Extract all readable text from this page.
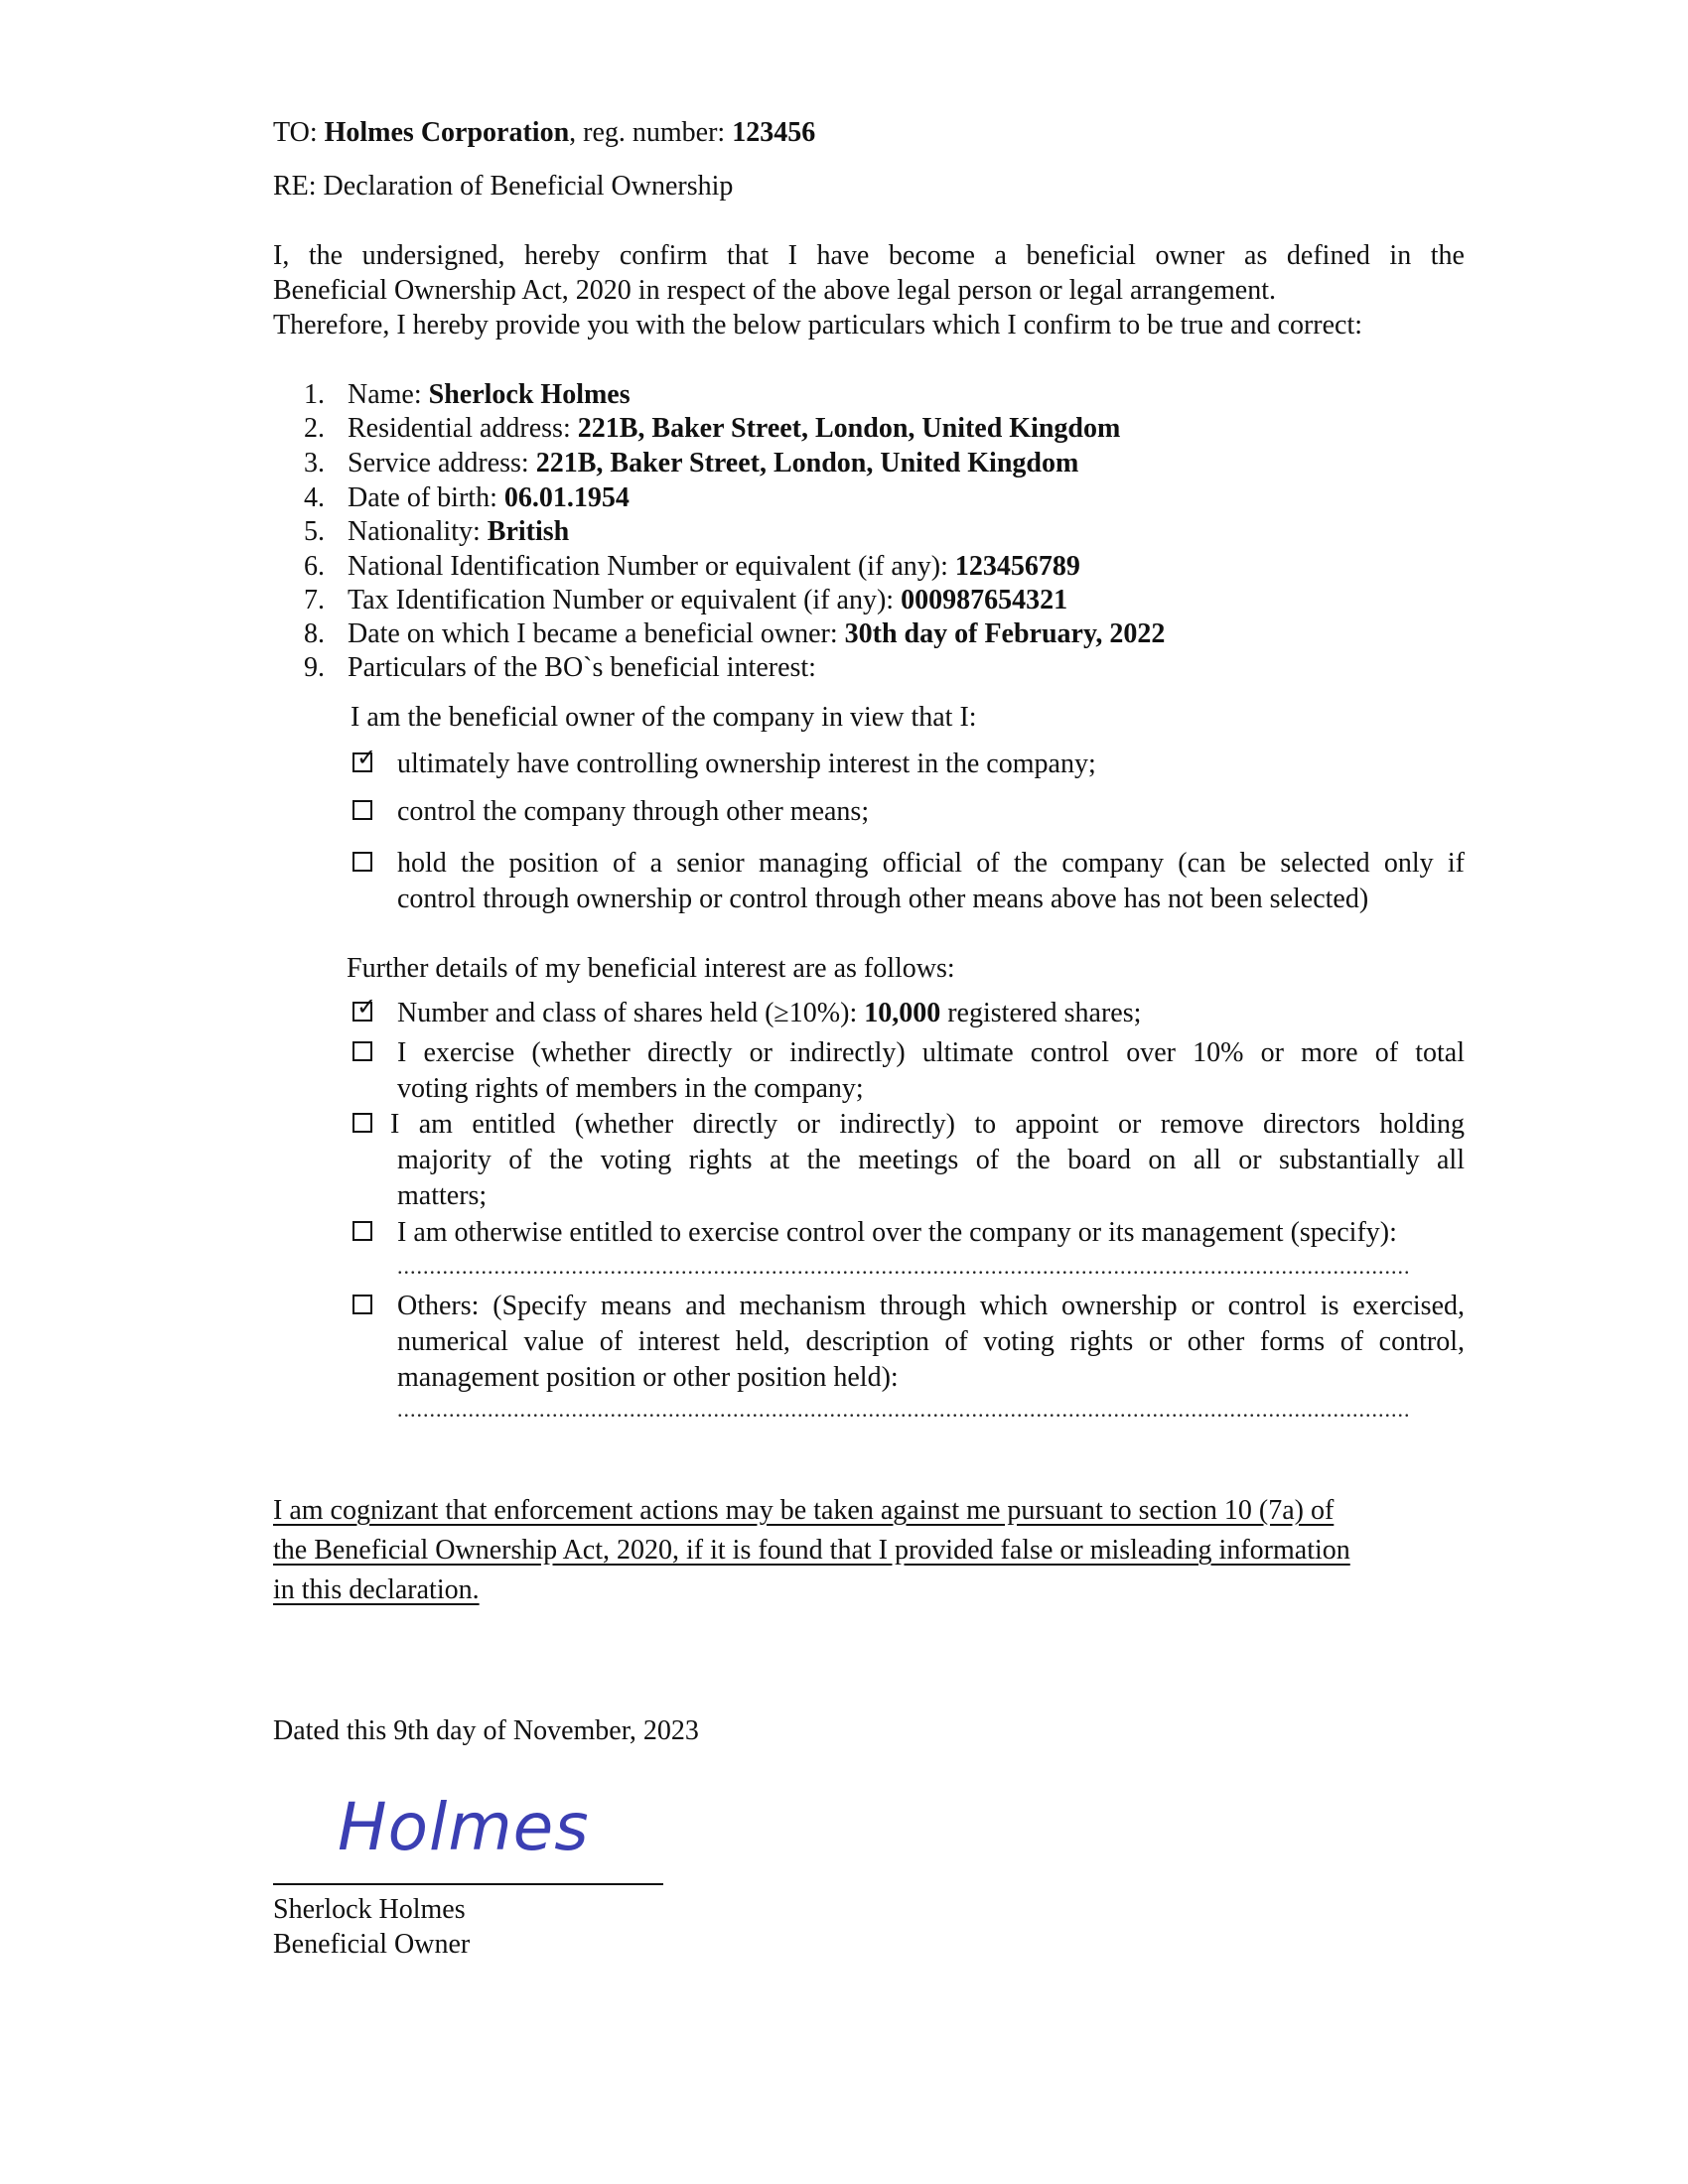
TO: Holmes Corporation, reg. number: 123456
RE: Declaration of Beneficial Ownership
I, the undersigned, hereby confirm that I have become a beneficial owner as defined in the
Beneficial Ownership Act, 2020 in respect of the above legal person or legal arrangement.
Therefore, I hereby provide you with the below particulars which I confirm to be true and correct:
1. Name: Sherlock Holmes
2. Residential address: 221B, Baker Street, London, United Kingdom
3. Service address: 221B, Baker Street, London, United Kingdom
4. Date of birth: 06.01.1954
5. Nationality: British
6. National Identification Number or equivalent (if any): 123456789
7. Tax Identification Number or equivalent (if any): 000987654321
8. Date on which I became a beneficial owner: 30th day of February, 2022
9. Particulars of the BO`s beneficial interest:
I am the beneficial owner of the company in view that I:
✓ ultimately have controlling ownership interest in the company;
control the company through other means;
hold the position of a senior managing official of the company (can be selected only if
control through ownership or control through other means above has not been selected)
Further details of my beneficial interest are as follows:
✓ Number and class of shares held (≥10%): 10,000 registered shares;
I exercise (whether directly or indirectly) ultimate control over 10% or more of total
voting rights of members in the company;
I am entitled (whether directly or indirectly) to appoint or remove directors holding
majority of the voting rights at the meetings of the board on all or substantially all
matters;
I am otherwise entitled to exercise control over the company or its management (specify):
.............................................................................................................................................................
Others: (Specify means and mechanism through which ownership or control is exercised,
numerical value of interest held, description of voting rights or other forms of control,
management position or other position held):
.............................................................................................................................................................
I am cognizant that enforcement actions may be taken against me pursuant to section 10 (7a) of
the Beneficial Ownership Act, 2020, if it is found that I provided false or misleading information
in this declaration.
Dated this 9th day of November, 2023
Holmes
Sherlock Holmes
Beneficial Owner
